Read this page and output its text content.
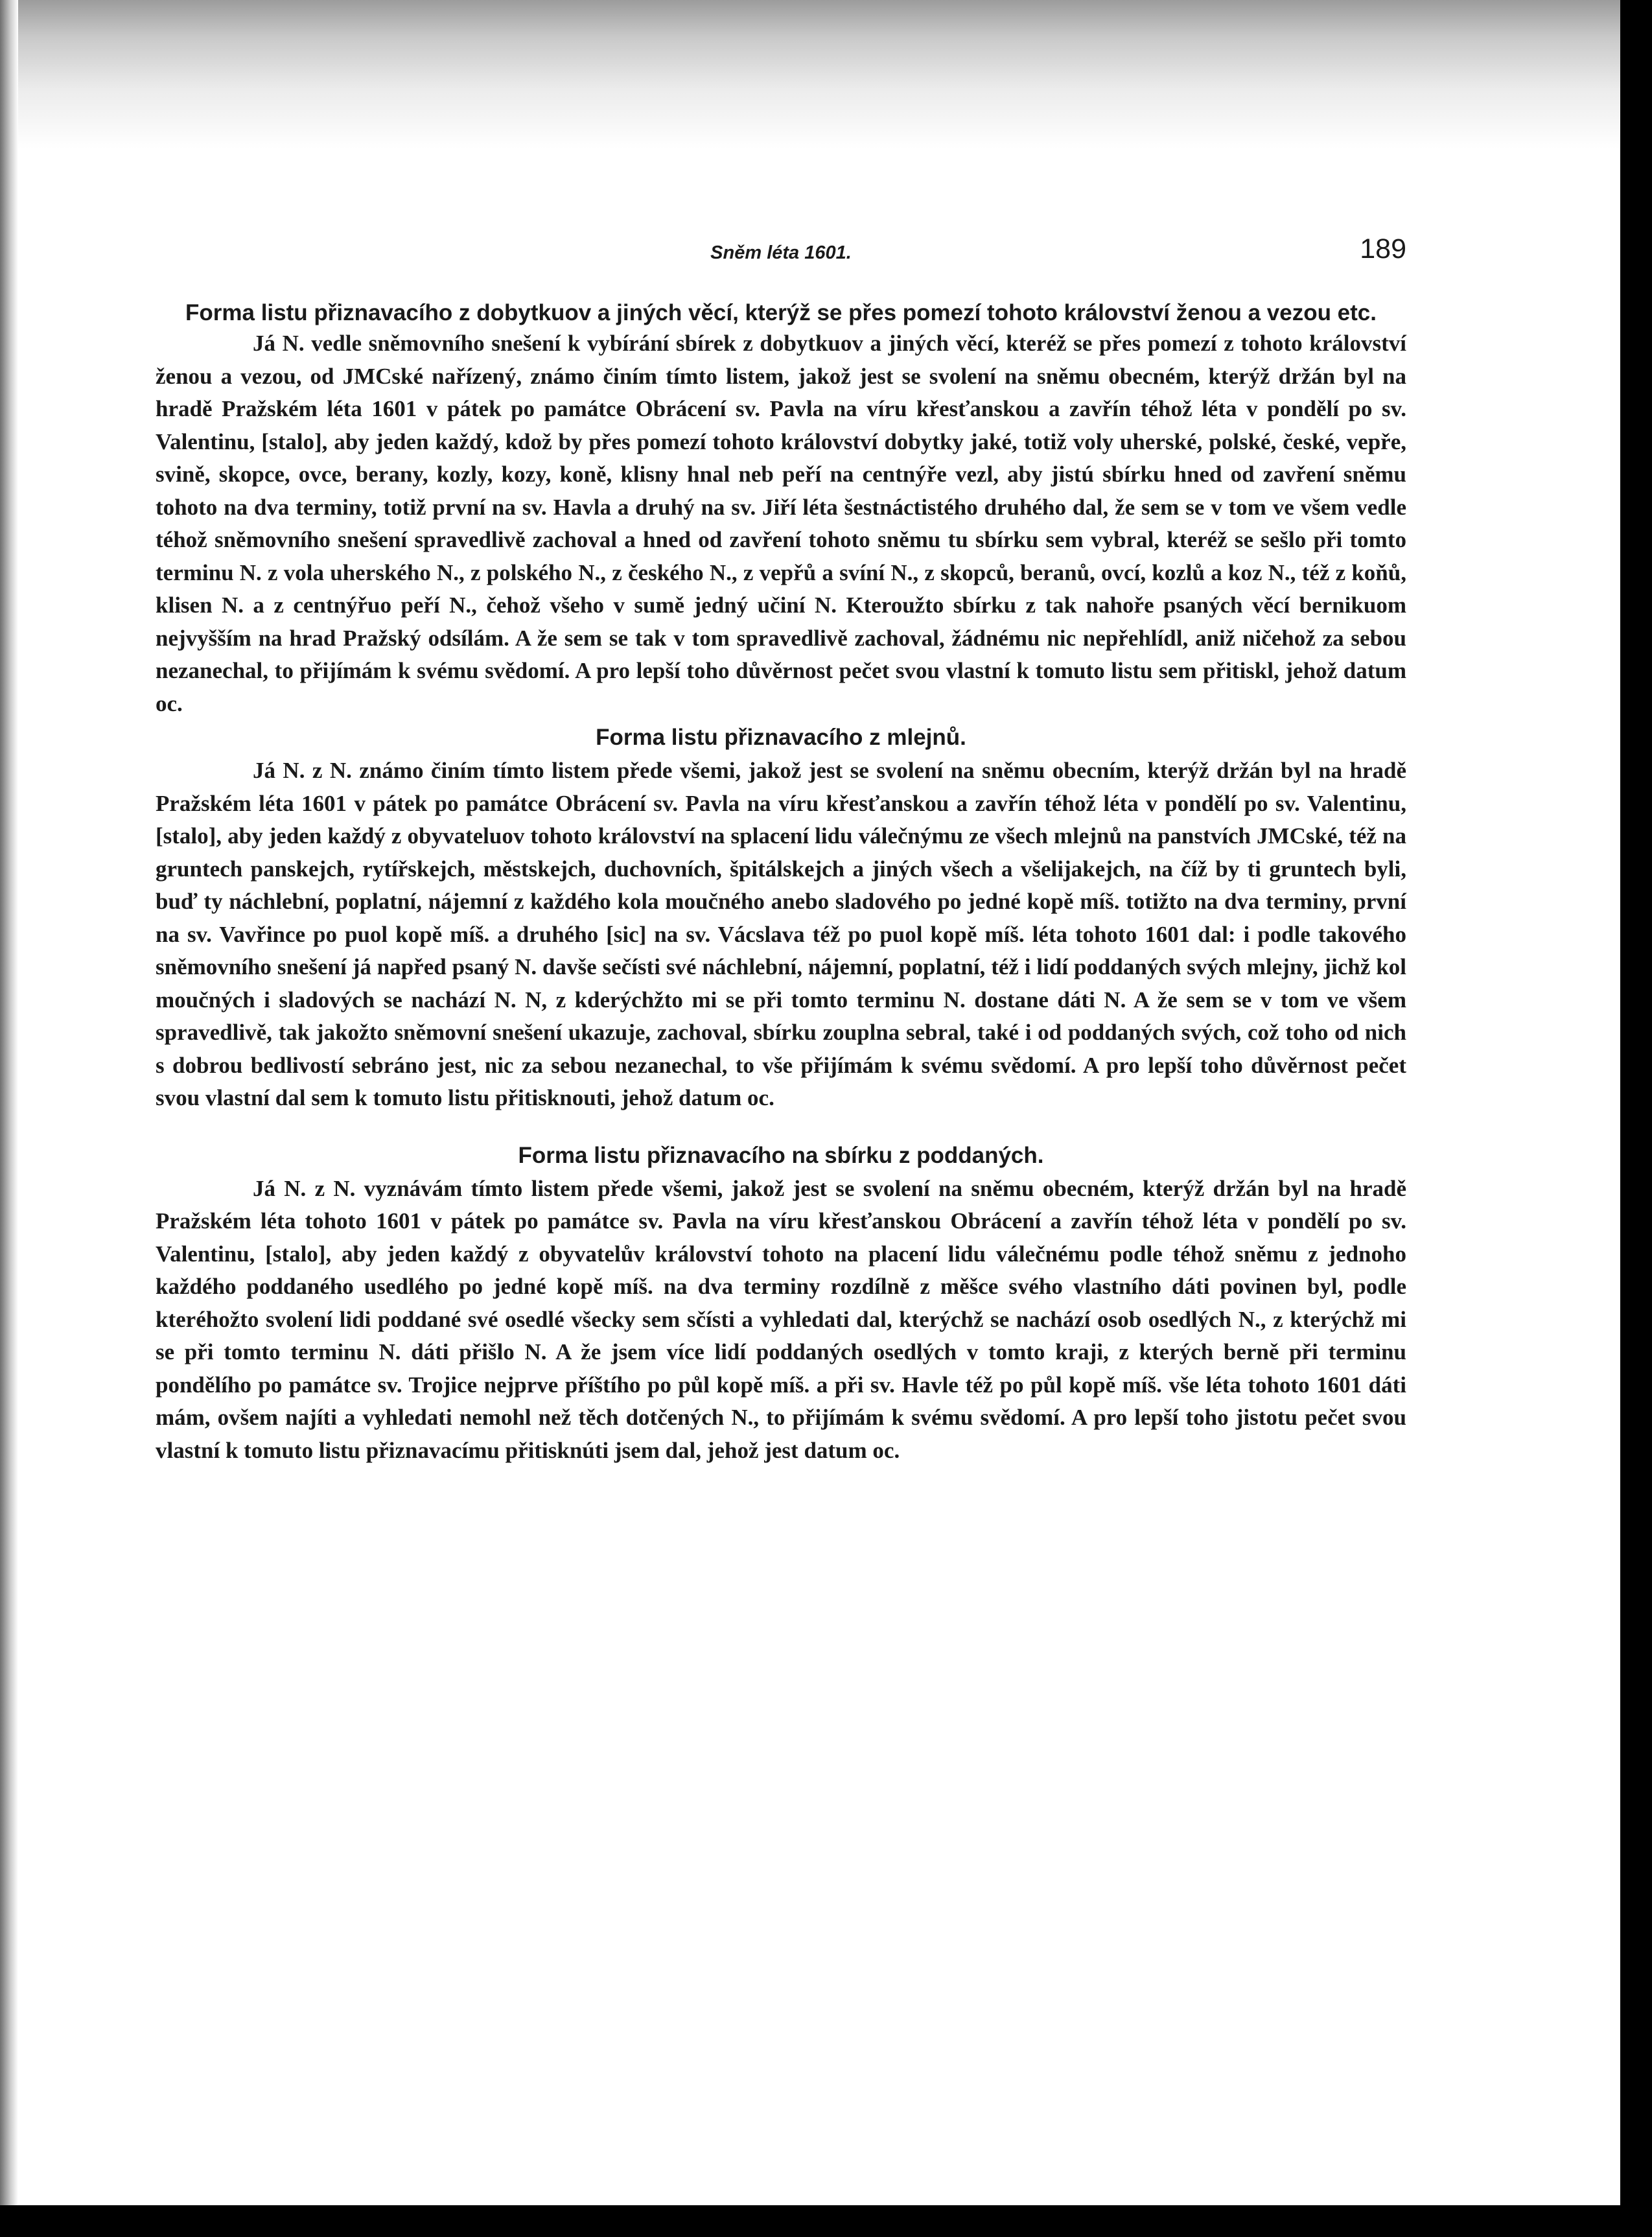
Sněm léta 1601.	189
Forma listu přiznavacího z dobytkuov a jiných věcí, kterýž se přes pomezí tohoto království ženou a vezou etc.

Já N. vedle sněmovního snešení k vybírání sbírek z dobytkuov a jiných věcí, kteréž se přes pomezí z tohoto království ženou a vezou, od JMCské nařízený, známo činím tímto listem, jakož jest se svolení na sněmu obecném, kterýž držán byl na hradě Pražském léta 1601 v pátek po památce Obrácení sv. Pavla na víru křesťanskou a zavřín téhož léta v pondělí po sv. Valentinu, [stalo], aby jeden každý, kdož by přes pomezí tohoto království dobytky jaké, totiž voly uherské, polské, české, vepře, svině, skopce, ovce, berany, kozly, kozy, koně, klisny hnal neb peří na centnýře vezl, aby jistú sbírku hned od zavření sněmu tohoto na dva terminy, totiž první na sv. Havla a druhý na sv. Jiří léta šestnáctistého druhého dal, že sem se v tom ve všem vedle téhož sněmovního snešení spravedlivě zachoval a hned od zavření tohoto sněmu tu sbírku sem vybral, kteréž se sešlo při tomto terminu N. z vola uherského N., z polského N., z českého N., z vepřů a svíní N., z skopců, beranů, ovcí, kozlů a koz N., též z koňů, klisen N. a z centnýřuo peří N., čehož všeho v sumě jedný učiní N. Kteroužto sbírku z tak nahoře psaných věcí bernikuom nejvyšším na hrad Pražský odsílám. A že sem se tak v tom spravedlivě zachoval, žádnému nic nepřehlídl, aniž ničehož za sebou nezanechal, to přijímám k svému svědomí. A pro lepší toho důvěrnost pečet svou vlastní k tomuto listu sem přitiskl, jehož datum oc.

Forma listu přiznavacího z mlejnů.

Já N. z N. známo činím tímto listem přede všemi, jakož jest se svolení na sněmu obecním, kterýž držán byl na hradě Pražském léta 1601 v pátek po památce Obrácení sv. Pavla na víru křesťanskou a zavřín téhož léta v pondělí po sv. Valentinu, [stalo], aby jeden každý z obyvateluov tohoto království na splacení lidu válečnýmu ze všech mlejnů na panstvích JMCské, též na gruntech panskejch, rytířskejch, městskejch, duchovních, špitálskejch a jiných všech a všelijakejch, na číž by ti gruntech byli, buď ty náchlební, poplatní, nájemní z každého kola moučného anebo sladového po jedné kopě míš. totižto na dva terminy, první na sv. Vavřince po puol kopě míš. a druhého [sic] na sv. Vácslava též po puol kopě míš. léta tohoto 1601 dal: i podle takového sněmovního snešení já napřed psaný N. davše sečísti své náchlební, nájemní, poplatní, též i lidí poddaných svých mlejny, jichž kol moučných i sladových se nachází N. N, z kderýchžto mi se při tomto terminu N. dostane dáti N. A že sem se v tom ve všem spravedlivě, tak jakožto sněmovní snešení ukazuje, zachoval, sbírku zouplna sebral, také i od poddaných svých, což toho od nich s dobrou bedlivostí sebráno jest, nic za sebou nezanechal, to vše přijímám k svému svědomí. A pro lepší toho důvěrnost pečet svou vlastní dal sem k tomuto listu přitisknouti, jehož datum oc.

Forma listu přiznavacího na sbírku z poddaných.

Já N. z N. vyznávám tímto listem přede všemi, jakož jest se svolení na sněmu obecném, kterýž držán byl na hradě Pražském léta tohoto 1601 v pátek po památce sv. Pavla na víru křesťanskou Obrácení a zavřín téhož léta v pondělí po sv. Valentinu, [stalo], aby jeden každý z obyvatelův království tohoto na placení lidu válečnému podle téhož sněmu z jednoho každého poddaného usedlého po jedné kopě míš. na dva terminy rozdílně z měšce svého vlastního dáti povinen byl, podle kteréhožto svolení lidi poddané své osedlé všecky sem sčísti a vyhledati dal, kterýchž se nachází osob osedlých N., z kterýchž mi se při tomto terminu N. dáti přišlo N. A že jsem více lidí poddaných osedlých v tomto kraji, z kterých berně při terminu pondělího po památce sv. Trojice nejprve příštího po půl kopě míš. a při sv. Havle též po půl kopě míš. vše léta tohoto 1601 dáti mám, ovšem najíti a vyhledati nemohl než těch dotčených N., to přijímám k svému svědomí. A pro lepší toho jistotu pečet svou vlastní k tomuto listu přiznavacímu přitisknúti jsem dal, jehož jest datum oc.
